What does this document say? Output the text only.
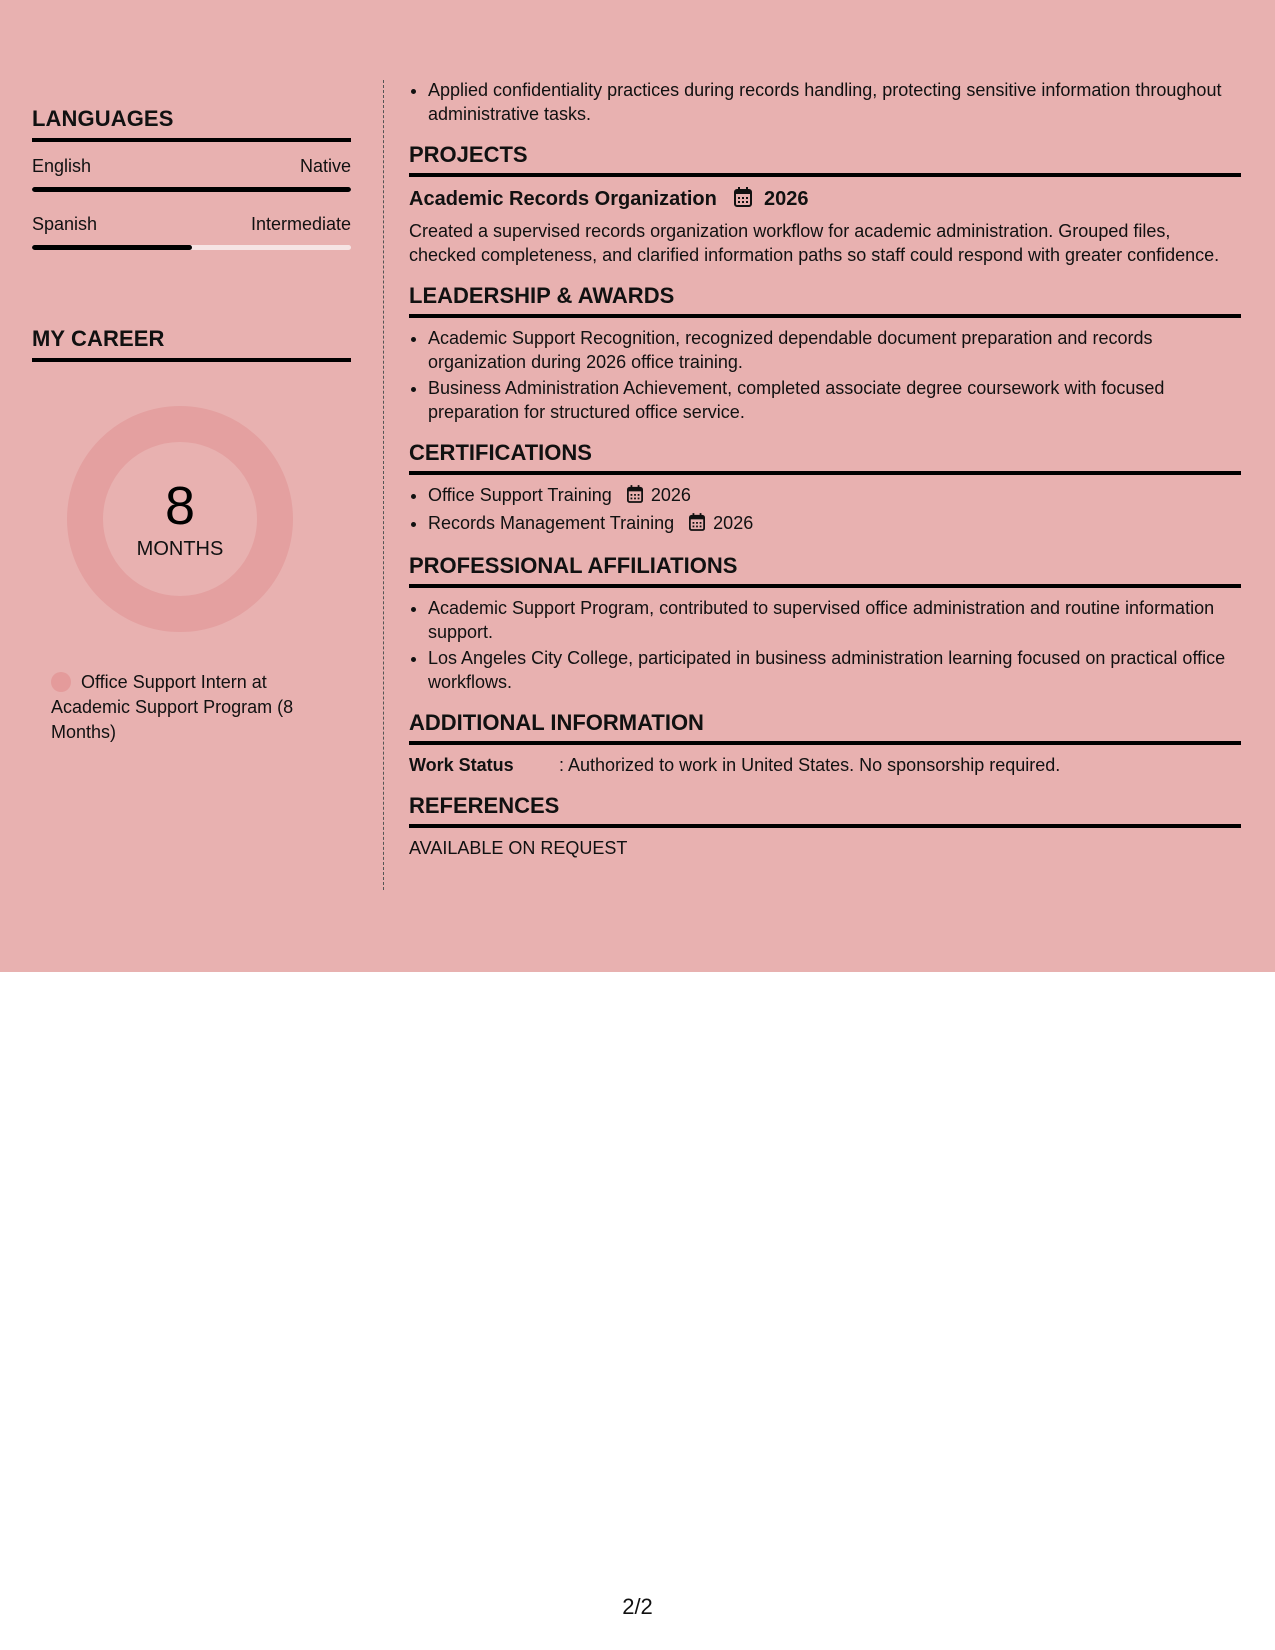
LANGUAGES
English	Native
Spanish	Intermediate
MY CAREER
8
MONTHS
Office Support Intern at Academic Support Program (8 Months)
• Applied confidentiality practices during records handling, protecting sensitive information throughout administrative tasks.
PROJECTS
Academic Records Organization 2026

Created a supervised records organization workflow for academic administration. Grouped files, checked completeness, and clarified information paths so staff could respond with greater confidence.

LEADERSHIP & AWARDS
• Academic Support Recognition, recognized dependable document preparation and records organization during 2026 office training.
• Business Administration Achievement, completed associate degree coursework with focused preparation for structured office service.
CERTIFICATIONS
• Office Support Training 2026
• Records Management Training 2026
PROFESSIONAL AFFILIATIONS
• Academic Support Program, contributed to supervised office administration and routine information support.
• Los Angeles City College, participated in business administration learning focused on practical office workflows.
ADDITIONAL INFORMATION
Work Status	: Authorized to work in United States. No sponsorship required.
REFERENCES

AVAILABLE ON REQUEST

2/2
